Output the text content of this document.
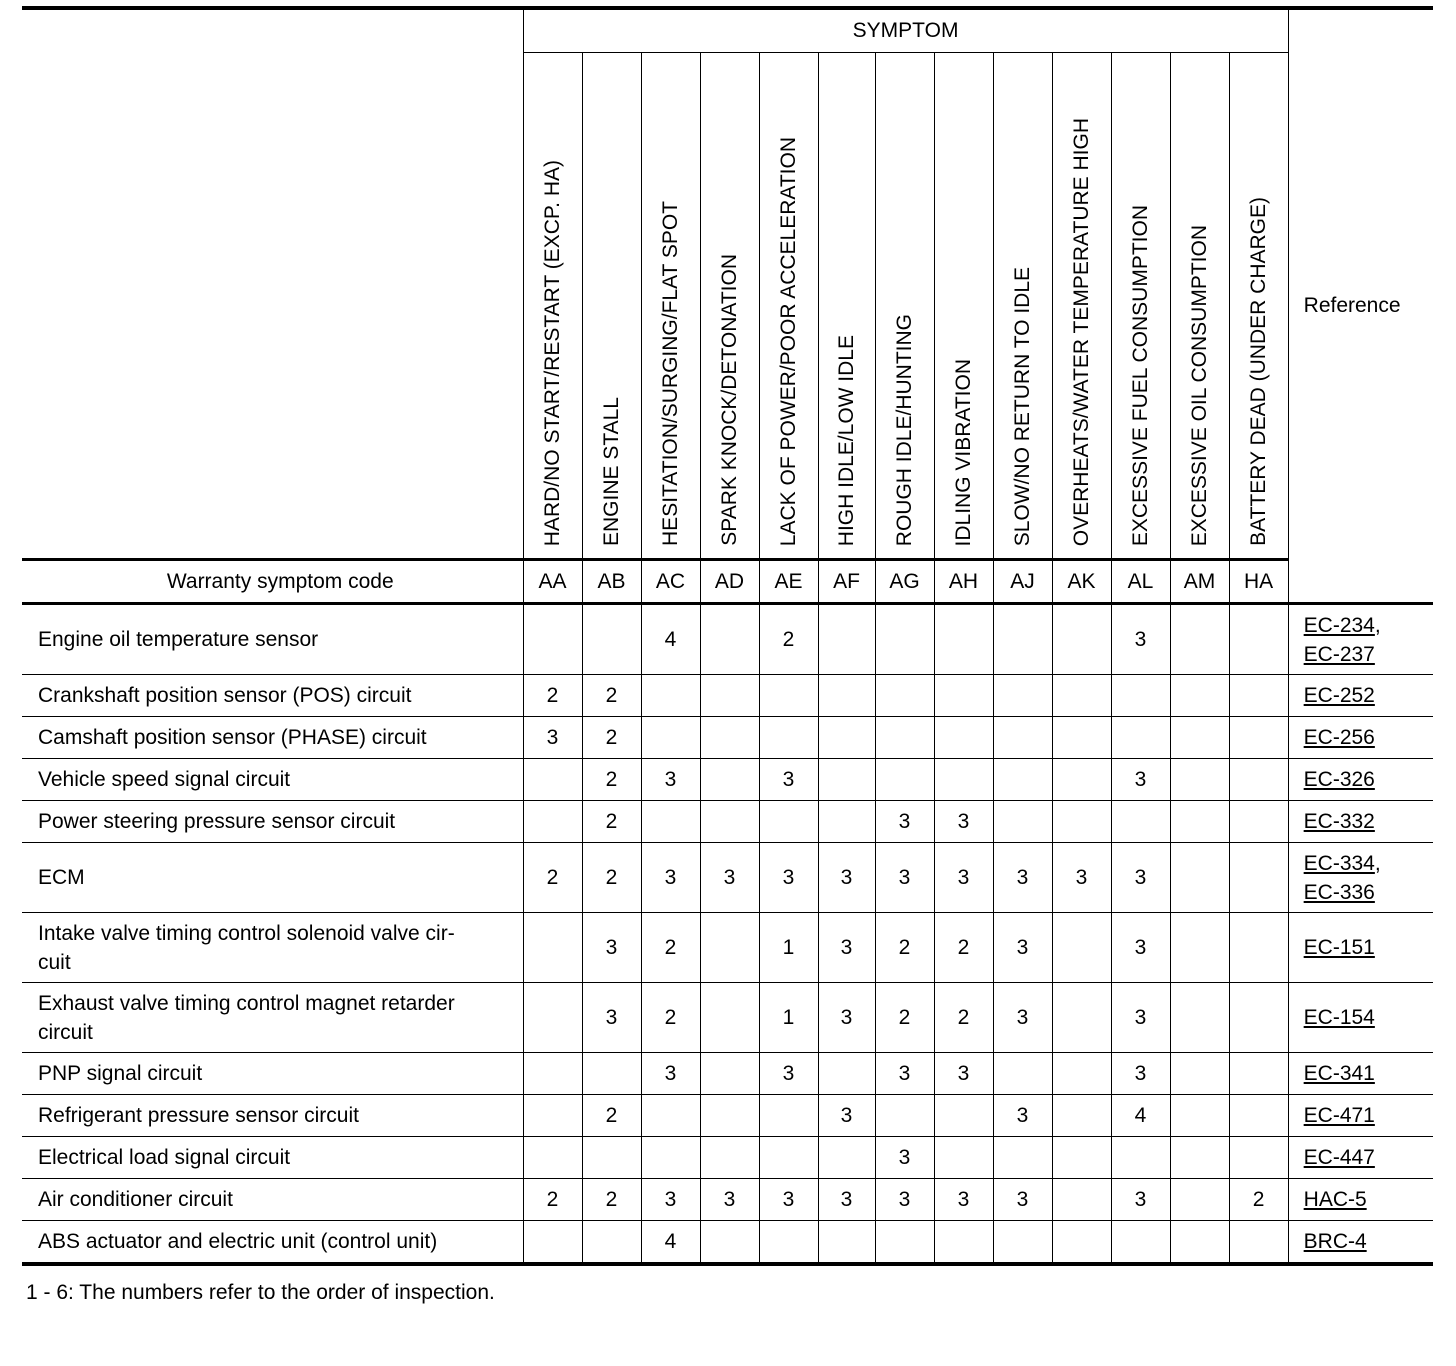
	SYMPTOM													Reference

	HARD/NO START/RESTART (EXCP. HA)	ENGINE STALL	HESITATION/SURGING/FLAT SPOT	SPARK KNOCK/DETONATION	LACK OF POWER/POOR ACCELERATION	HIGH IDLE/LOW IDLE	ROUGH IDLE/HUNTING	IDLING VIBRATION	SLOW/NO RETURN TO IDLE	OVERHEATS/WATER TEMPERATURE HIGH	EXCESSIVE FUEL CONSUMPTION	EXCESSIVE OIL CONSUMPTION	BATTERY DEAD (UNDER CHARGE)	

Warranty symptom code	AA	AB	AC	AD	AE	AF	AG	AH	AJ	AK	AL	AM	HA	
Engine oil temperature sensor			4		2						3			EC-234,
EC-237
Crankshaft position sensor (POS) circuit	2	2												EC-252
Camshaft position sensor (PHASE) circuit	3	2												EC-256
Vehicle speed signal circuit		2	3		3						3			EC-326
Power steering pressure sensor circuit		2					3	3						EC-332
ECM	2	2	3	3	3	3	3	3	3	3	3			EC-334,
EC-336
Intake valve timing control solenoid valve cir-
cuit		3	2		1	3	2	2	3		3			EC-151
Exhaust valve timing control magnet retarder
circuit		3	2		1	3	2	2	3		3			EC-154
PNP signal circuit			3		3		3	3			3			EC-341
Refrigerant pressure sensor circuit		2				3			3		4			EC-471
Electrical load signal circuit							3							EC-447
Air conditioner circuit	2	2	3	3	3	3	3	3	3		3		2	HAC-5
ABS actuator and electric unit (control unit)			4											BRC-4
1 - 6: The numbers refer to the order of inspection.
